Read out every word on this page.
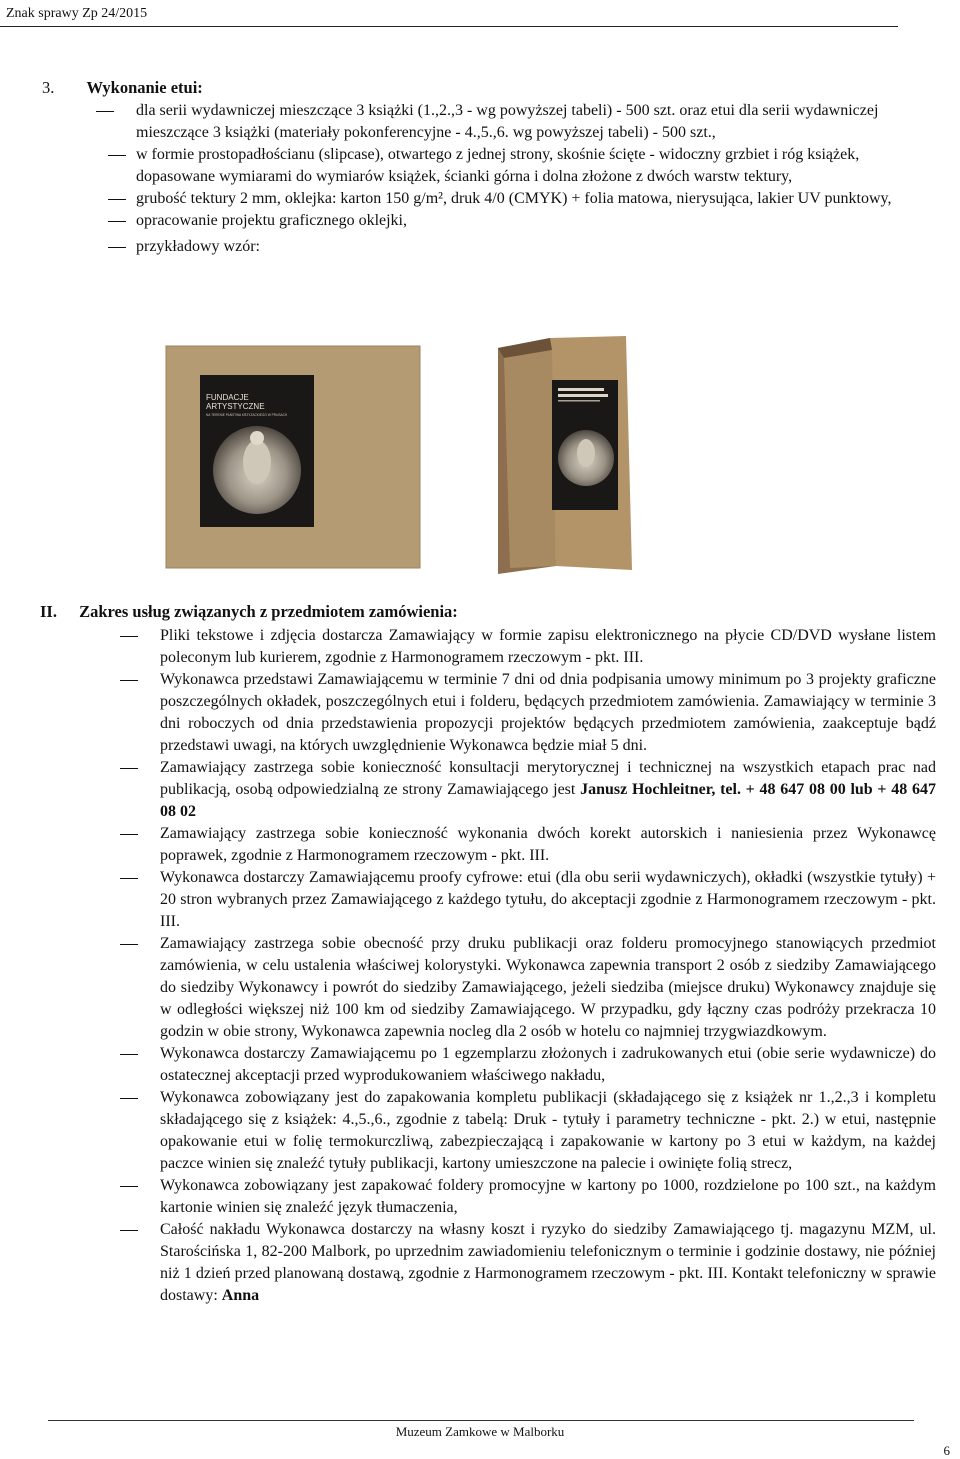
Znak sprawy Zp 24/2015
3. Wykonanie etui:
dla serii wydawniczej mieszczące 3 książki (1.,2.,3 - wg powyższej tabeli) - 500 szt. oraz etui dla serii wydawniczej mieszczące 3 książki (materiały pokonferencyjne - 4.,5.,6. wg powyższej tabeli) - 500 szt.,
w formie prostopadłościanu (slipcase), otwartego z jednej strony, skośnie ścięte - widoczny grzbiet i róg książek, dopasowane wymiarami do wymiarów książek, ścianki górna i dolna złożone z dwóch warstw tektury,
grubość tektury 2 mm, oklejka: karton 150 g/m², druk 4/0 (CMYK) + folia matowa, nierysująca, lakier UV punktowy,
opracowanie projektu graficznego oklejki,
przykładowy wzór:
FUNDACJE
ARTYSTYCZNE
NA TERENIE PAŃSTWA KRZYŻACKIEGO W PRUSACH
II. Zakres usług związanych z przedmiotem zamówienia:
Pliki tekstowe i zdjęcia dostarcza Zamawiający w formie zapisu elektronicznego na płycie CD/DVD wysłane listem poleconym lub kurierem, zgodnie z Harmonogramem rzeczowym - pkt. III.
Wykonawca przedstawi Zamawiającemu w terminie 7 dni od dnia podpisania umowy minimum po 3 projekty graficzne poszczególnych okładek, poszczególnych etui i folderu, będących przedmiotem zamówienia. Zamawiający w terminie 3 dni roboczych od dnia przedstawienia propozycji projektów będących przedmiotem zamówienia, zaakceptuje bądź przedstawi uwagi, na których uwzględnienie Wykonawca będzie miał 5 dni.
Zamawiający zastrzega sobie konieczność konsultacji merytorycznej i technicznej na wszystkich etapach prac nad publikacją, osobą odpowiedzialną ze strony Zamawiającego jest Janusz Hochleitner, tel. + 48 647 08 00 lub + 48 647 08 02
Zamawiający zastrzega sobie konieczność wykonania dwóch korekt autorskich i naniesienia przez Wykonawcę poprawek, zgodnie z Harmonogramem rzeczowym - pkt. III.
Wykonawca dostarczy Zamawiającemu proofy cyfrowe: etui (dla obu serii wydawniczych), okładki (wszystkie tytuły) + 20 stron wybranych przez Zamawiającego z każdego tytułu, do akceptacji zgodnie z Harmonogramem rzeczowym - pkt. III.
Zamawiający zastrzega sobie obecność przy druku publikacji oraz folderu promocyjnego stanowiących przedmiot zamówienia, w celu ustalenia właściwej kolorystyki. Wykonawca zapewnia transport 2 osób z siedziby Zamawiającego do siedziby Wykonawcy i powrót do siedziby Zamawiającego, jeżeli siedziba (miejsce druku) Wykonawcy znajduje się w odległości większej niż 100 km od siedziby Zamawiającego. W przypadku, gdy łączny czas podróży przekracza 10 godzin w obie strony, Wykonawca zapewnia nocleg dla 2 osób w hotelu co najmniej trzygwiazdkowym.
Wykonawca dostarczy Zamawiającemu po 1 egzemplarzu złożonych i zadrukowanych etui (obie serie wydawnicze) do ostatecznej akceptacji przed wyprodukowaniem właściwego nakładu,
Wykonawca zobowiązany jest do zapakowania kompletu publikacji (składającego się z książek nr 1.,2.,3 i kompletu składającego się z książek: 4.,5.,6., zgodnie z tabelą: Druk - tytuły i parametry techniczne - pkt. 2.) w etui, następnie opakowanie etui w folię termokurczliwą, zabezpieczającą i zapakowanie w kartony po 3 etui w każdym, na każdej paczce winien się znaleźć tytuły publikacji, kartony umieszczone na palecie i owinięte folią strecz,
Wykonawca zobowiązany jest zapakować foldery promocyjne w kartony po 1000, rozdzielone po 100 szt., na każdym kartonie winien się znaleźć język tłumaczenia,
Całość nakładu Wykonawca dostarczy na własny koszt i ryzyko do siedziby Zamawiającego tj. magazynu MZM, ul. Starościńska 1, 82-200 Malbork, po uprzednim zawiadomieniu telefonicznym o terminie i godzinie dostawy, nie później niż 1 dzień przed planowaną dostawą, zgodnie z Harmonogramem rzeczowym - pkt. III. Kontakt telefoniczny w sprawie dostawy: Anna
Muzeum Zamkowe w Malborku
6
